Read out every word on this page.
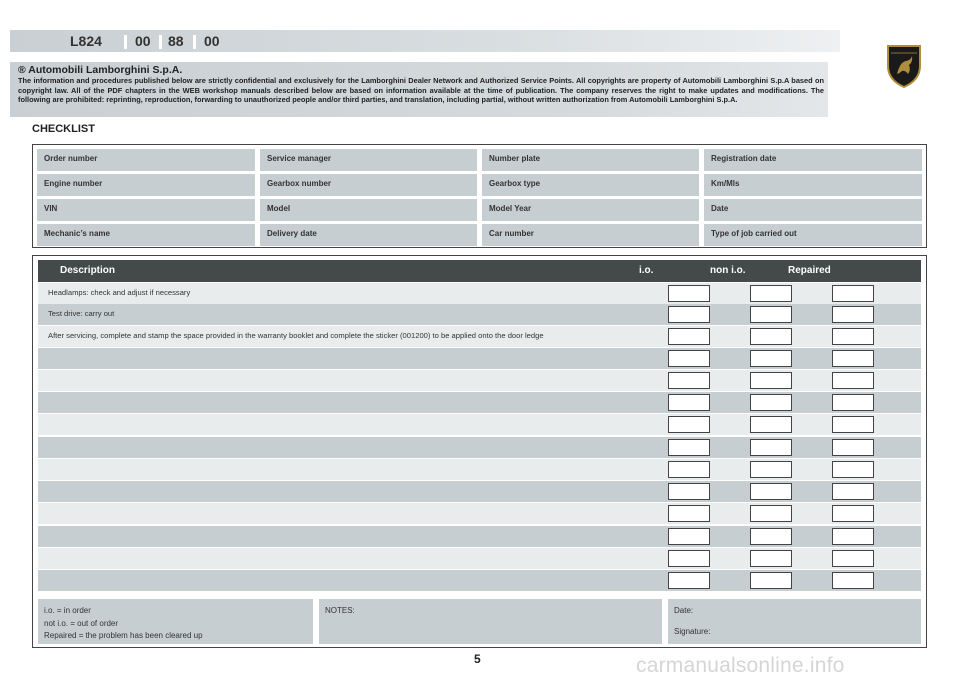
L824 00 88 00
® Automobili Lamborghini S.p.A.
The information and procedures published below are strictly confidential and exclusively for the Lamborghini Dealer Network and Authorized Service Points. All copyrights are property of Automobili Lamborghini S.p.A based on copyright law. All of the PDF chapters in the WEB workshop manuals described below are based on information available at the time of publication. The company reserves the right to make updates and modifications. The following are prohibited: reprinting, reproduction, forwarding to unauthorized people and/or third parties, and translation, including partial, without written authorization from Automobili Lamborghini S.p.A.
CHECKLIST
Order number	Service manager	Number plate	Registration date
Engine number	Gearbox number	Gearbox type	Km/Mls
VIN	Model	Model Year	Date
Mechanic’s name	Delivery date	Car number	Type of job carried out
Description	i.o.	non i.o.	Repaired
Headlamps: check and adjust if necessary
Test drive: carry out
After servicing, complete and stamp the space provided in the warranty booklet and complete the sticker (001200) to be applied onto the door ledge
i.o. = in order
not i.o. = out of order
Repaired = the problem has been cleared up
NOTES:	Date:
Signature:
5	carmanualsonline.info
